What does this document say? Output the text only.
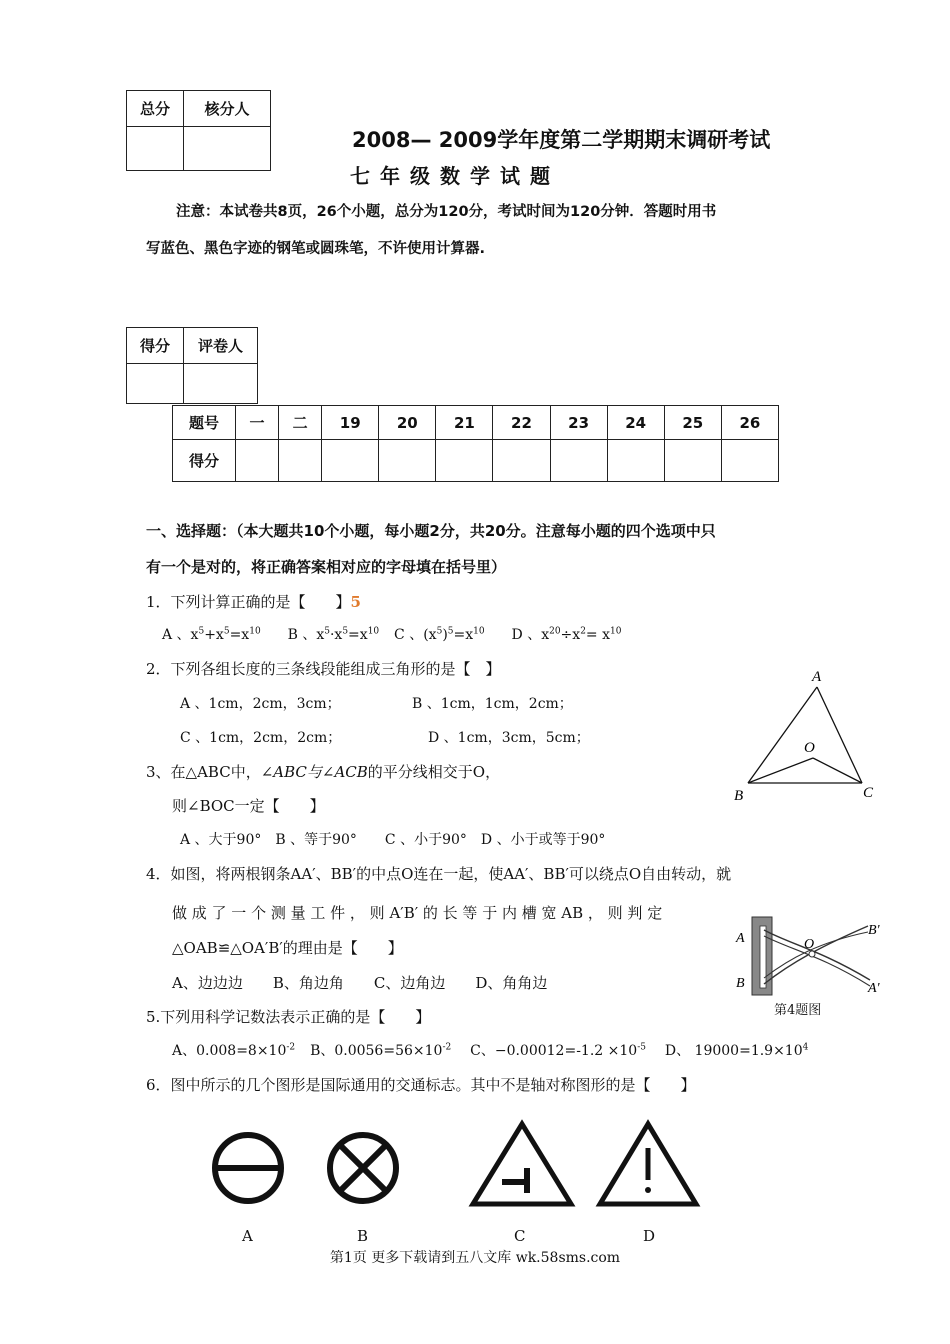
总分	核分人

2008— 2009学年度第二学期期末调研考试
七年级数学试题
注意：本试卷共8页，26个小题，总分为120分，考试时间为120分钟．答题时用书
写蓝色、黑色字迹的钢笔或圆珠笔，不许使用计算器.
得分	评卷人

题号	一	二	19	20	21	22	23	24	25	26
得分										
一、选择题：（本大题共10个小题，每小题2分，共20分。注意每小题的四个选项中只
有一个是对的，将正确答案相对应的字母填在括号里）
1．下列计算正确的是【　　】5
A 、$x^5+x^5=x^{10}$ B 、$x^5\cdot x^5=x^{10}$ C 、$(x^5)^5=x^{10}$ D 、$x^{20}\div x^2= x^{10}$
2．下列各组长度的三条线段能组成三角形的是【　】
A 、1cm，2cm，3cm；	B 、1cm，1cm，2cm；
C 、1cm，2cm，2cm；	D 、1cm，3cm，5cm；
A
B	C
O
3、在△ABC中，∠ABC与∠ACB的平分线相交于O，
则∠BOC一定【　　】
A 、大于90°　B 、等于90°　　C 、小于90°　D 、小于或等于90°
4．如图，将两根钢条AA′、BB′的中点O连在一起，使AA′、BB′可以绕点O自由转动，就
做 成 了 一 个 测 量 工 件 ， 则 A′B′ 的 长 等 于 内 槽 宽 AB ， 则 判 定
△OAB≌△OA′B′的理由是【　　】
A、边边边　　B、角边角　　C、边角边　　D、角角边
A
B
O
B'
A'
第4题图
5.下列用科学记数法表示正确的是【　　】
A、$0.008=8\times 10^{-2}$ B、$0.0056=56\times 10^{-2}$ C、$-0.00012=-1.2 \times 10^{-5}$ D、 $19000=1.9\times 10^4$
6．图中所示的几个图形是国际通用的交通标志。其中不是轴对称图形的是【　　】
A	B	C	D
第1页 更多下载请到五八文库 wk.58sms.com
